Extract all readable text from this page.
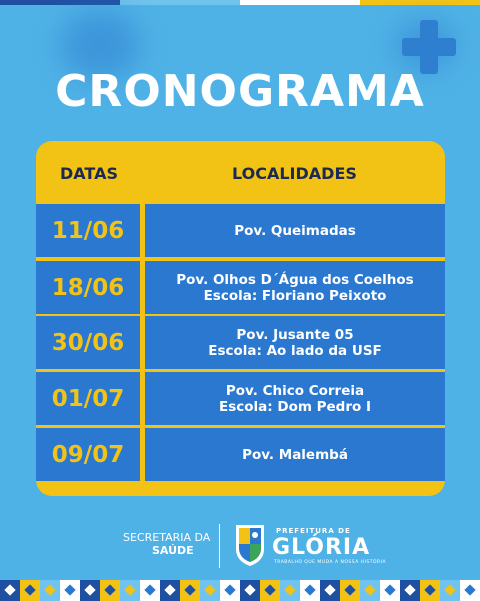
CRONOGRAMA
DATAS	LOCALIDADES
11/06	Pov. Queimadas
18/06	Pov. Olhos D´Água dos Coelhos
Escola: Floriano Peixoto
30/06	Pov. Jusante 05
Escola: Ao lado da USF
01/07	Pov. Chico Correia
Escola: Dom Pedro I
09/07	Pov. Malembá
SECRETARIA DA
SAÚDE
PREFEITURA DE
GLÓRIA
TRABALHO QUE MUDA A NOSSA HISTÓRIA
